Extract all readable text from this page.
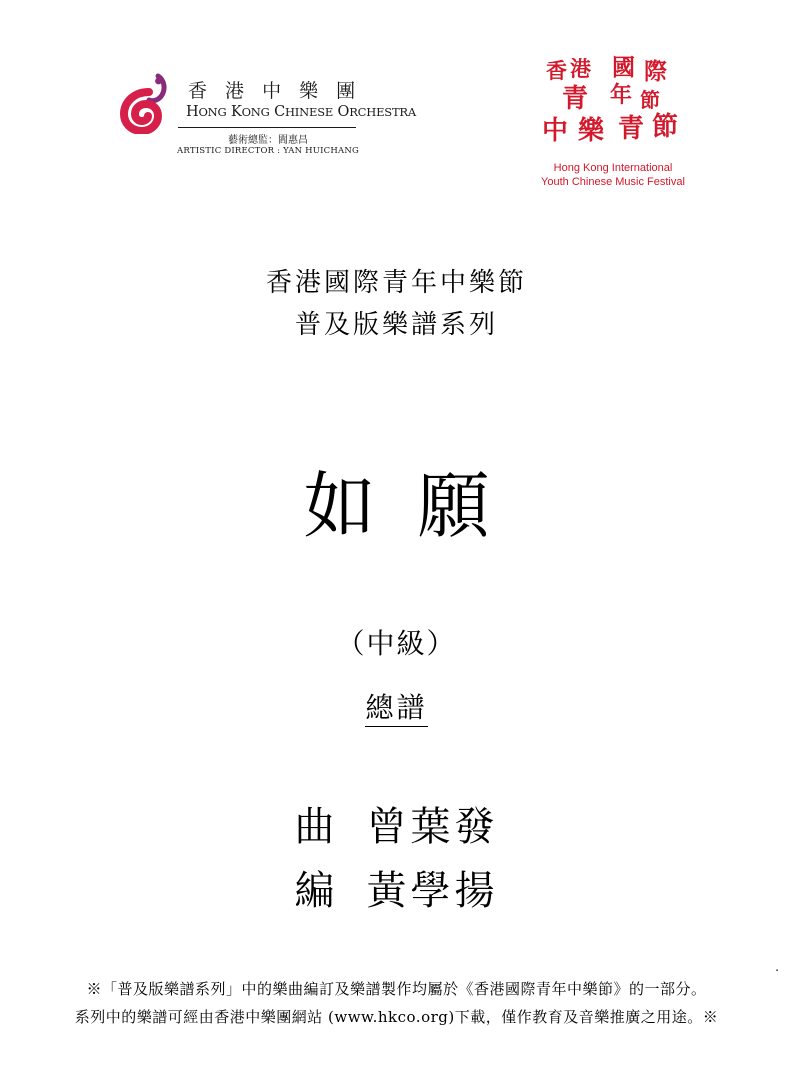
香 港 中 樂 團
HONG KONG CHINESE ORCHESTRA
藝術總監：閻惠昌
ARTISTIC DIRECTOR : YAN HUICHANG
香 港 國 際
青 年 節
中 樂 青 節
Hong Kong International
Youth Chinese Music Festival
香港國際青年中樂節
普及版樂譜系列
如願
（中級）
總譜
曲 曾葉發
編 黃學揚
.
※「普及版樂譜系列」中的樂曲編訂及樂譜製作均屬於《香港國際青年中樂節》的一部分。
系列中的樂譜可經由香港中樂團網站 (www.hkco.org)下載，僅作教育及音樂推廣之用途。※
